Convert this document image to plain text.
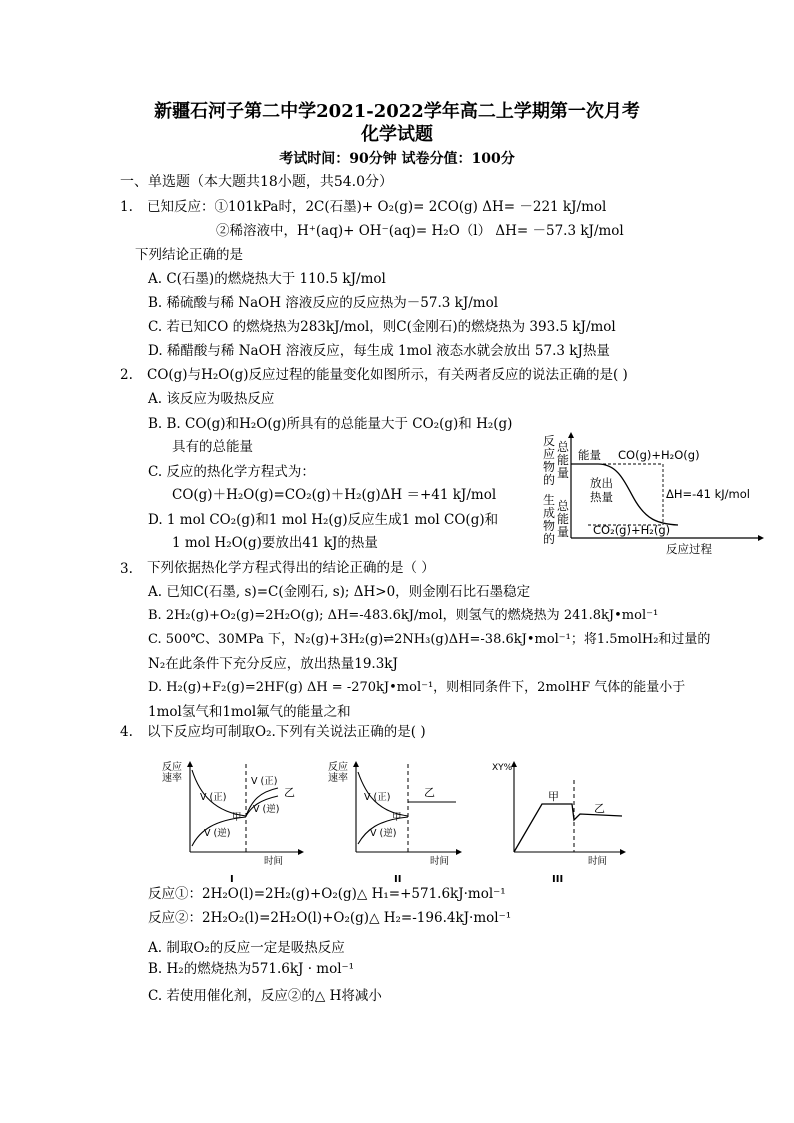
新疆石河子第二中学2021-2022学年高二上学期第一次月考
化学试题
考试时间：90分钟 试卷分值：100分
一、单选题（本大题共18小题，共54.0分）
1. 已知反应：①101kPa时，2C(石墨)+ O₂(g)= 2CO(g) ΔH= －221 kJ/mol
②稀溶液中，H⁺(aq)+ OH⁻(aq)= H₂O（l） ΔH= －57.3 kJ/mol
下列结论正确的是
A. C(石墨)的燃烧热大于 110.5 kJ/mol
B. 稀硫酸与稀 NaOH 溶液反应的反应热为－57.3 kJ/mol
C. 若已知CO 的燃烧热为283kJ/mol，则C(金刚石)的燃烧热为 393.5 kJ/mol
D. 稀醋酸与稀 NaOH 溶液反应，每生成 1mol 液态水就会放出 57.3 kJ热量
2. CO(g)与H₂O(g)反应过程的能量变化如图所示，有关两者反应的说法正确的是( )
A. 该反应为吸热反应
B. B. CO(g)和H₂O(g)所具有的总能量大于 CO₂(g)和 H₂(g)
具有的总能量
C. 反应的热化学方程式为：
CO(g)＋H₂O(g)=CO₂(g)＋H₂(g)ΔH ＝+41 kJ/mol
D. 1 mol CO₂(g)和1 mol H₂(g)反应生成1 mol CO(g)和
1 mol H₂O(g)要放出41 kJ的热量
反
应
物
的
总
能
量
生
成
物
的
总
能
量
能量 CO(g)+H₂O(g)
放出
热量	ΔH=-41 kJ/mol
CO₂(g)+H₂(g)
反应过程
3. 下列依据热化学方程式得出的结论正确的是（ ）
A. 已知C(石墨, s)=C(金刚石, s); ΔH>0，则金刚石比石墨稳定
B. 2H₂(g)+O₂(g)=2H₂O(g); ΔH=-483.6kJ/mol，则氢气的燃烧热为 241.8kJ•mol⁻¹
C. 500℃、30MPa 下，N₂(g)+3H₂(g)⇌2NH₃(g)ΔH=-38.6kJ•mol⁻¹；将1.5molH₂和过量的
N₂在此条件下充分反应，放出热量19.3kJ
D. H₂(g)+F₂(g)=2HF(g) ΔH = -270kJ•mol⁻¹，则相同条件下，2molHF 气体的能量小于
1mol氢气和1mol氟气的能量之和
4. 以下反应均可制取O₂.下列有关说法正确的是( )
反应
速率
V (正)
V (逆)
V (正)
V (逆)
甲
乙
时间
I
反应
速率
V (正)
V (逆)
甲
乙
时间
II
XY%
甲
乙
时间
III
反应①：2H₂O(l)=2H₂(g)+O₂(g)△ H₁=+571.6kJ·mol⁻¹
反应②：2H₂O₂(l)=2H₂O(l)+O₂(g)△ H₂=-196.4kJ·mol⁻¹
A. 制取O₂的反应一定是吸热反应
B. H₂的燃烧热为571.6kJ · mol⁻¹
C. 若使用催化剂，反应②的△ H将减小
